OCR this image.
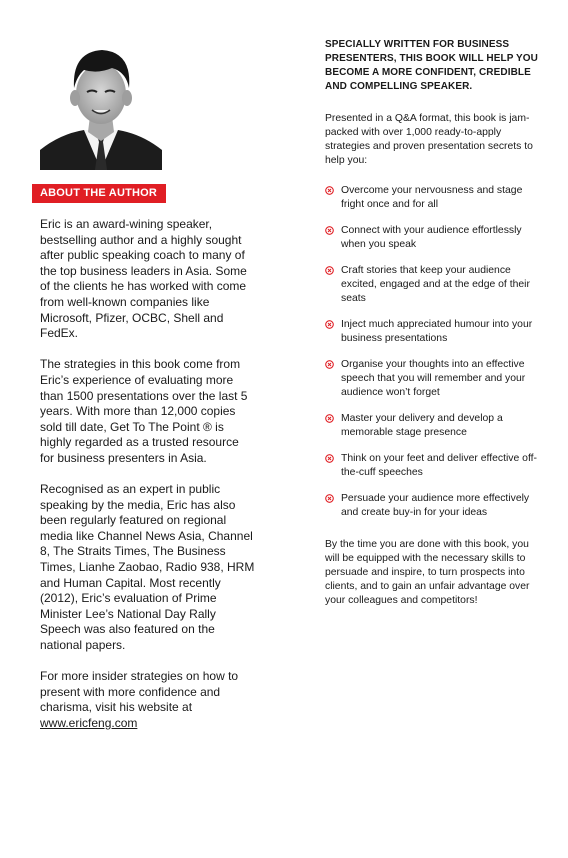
ABOUT THE AUTHOR

Eric is an award-wining speaker, bestselling author and a highly sought after public speaking coach to many of the top business leaders in Asia. Some of the clients he has worked with come from well-known companies like Microsoft, Pfizer, OCBC, Shell and FedEx.

The strategies in this book come from Eric’s experience of evaluating more than 1500 presentations over the last 5 years. With more than 12,000 copies sold till date, Get To The Point ® is highly regarded as a trusted resource for business presenters in Asia.

Recognised as an expert in public speaking by the media, Eric has also been regularly featured on regional media like Channel News Asia, Channel 8, The Straits Times, The Business Times, Lianhe Zaobao, Radio 938, HRM and Human Capital. Most recently (2012), Eric’s evaluation of Prime Minister Lee’s National Day Rally Speech was also featured on the national papers.

For more insider strategies on how to present with more confidence and charisma, visit his website at www.ericfeng.com

SPECIALLY WRITTEN FOR BUSINESS PRESENTERS, THIS BOOK WILL HELP YOU BECOME A MORE CONFIDENT, CREDIBLE AND COMPELLING SPEAKER.

Presented in a Q&A format, this book is jam-packed with over 1,000 ready-to-apply strategies and proven presentation secrets to help you:

Overcome your nervousness and stage fright once and for all
Connect with your audience effortlessly when you speak
Craft stories that keep your audience excited, engaged and at the edge of their seats
Inject much appreciated humour into your business presentations
Organise your thoughts into an effective speech that you will remember and your audience won’t forget
Master your delivery and develop a memorable stage presence
Think on your feet and deliver effective off-the-cuff speeches
Persuade your audience more effectively and create buy-in for your ideas

By the time you are done with this book, you will be equipped with the necessary skills to persuade and inspire, to turn prospects into clients, and to gain an unfair advantage over your colleagues and competitors!
